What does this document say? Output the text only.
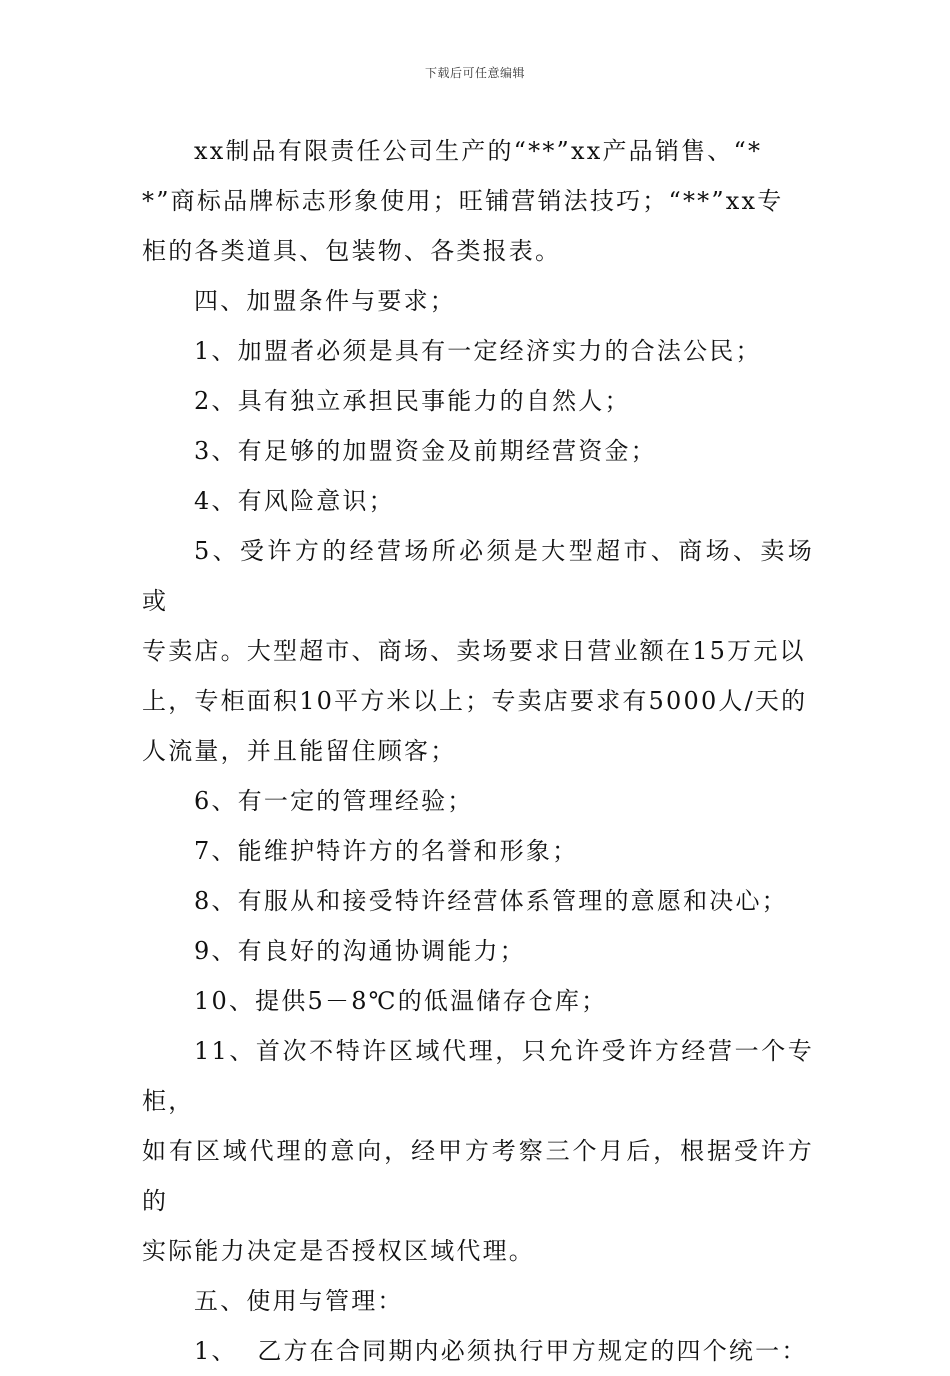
下载后可任意编辑

xx制品有限责任公司生产的“**”xx产品销售、“*

*”商标品牌标志形象使用；旺铺营销法技巧；“**”xx专

柜的各类道具、包装物、各类报表。

四、加盟条件与要求；

1、加盟者必须是具有一定经济实力的合法公民；

2、具有独立承担民事能力的自然人；

3、有足够的加盟资金及前期经营资金；

4、有风险意识；

5、受许方的经营场所必须是大型超市、商场、卖场或

专卖店。大型超市、商场、卖场要求日营业额在15万元以

上，专柜面积10平方米以上；专卖店要求有5000人/天的

人流量，并且能留住顾客；

6、有一定的管理经验；

7、能维护特许方的名誉和形象；

8、有服从和接受特许经营体系管理的意愿和决心；

9、有良好的沟通协调能力；

10、提供5－8℃的低温储存仓库；

11、首次不特许区域代理，只允许受许方经营一个专柜，

如有区域代理的意向，经甲方考察三个月后，根据受许方的

实际能力决定是否授权区域代理。

五、使用与管理：

1、  乙方在合同期内必须执行甲方规定的四个统一：
